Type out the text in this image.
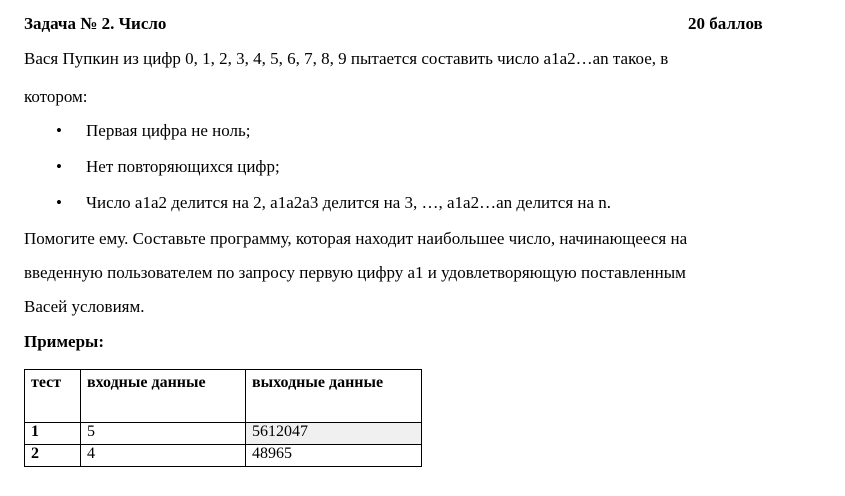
Задача № 2. Число	20 баллов
Вася Пупкин из цифр 0, 1, 2, 3, 4, 5, 6, 7, 8, 9 пытается составить число а1а2…аn такое, в
котором:
• Первая цифра не ноль;
• Нет повторяющихся цифр;
• Число а1а2 делится на 2, а1а2а3 делится на 3, …, а1а2…аn делится на n.
Помогите ему. Составьте программу, которая находит наибольшее число, начинающееся на
введенную пользователем по запросу первую цифру а1 и удовлетворяющую поставленным
Васей условиям.
Примеры:
тест	входные данные	выходные данные
1	5	5612047
2	4	48965
